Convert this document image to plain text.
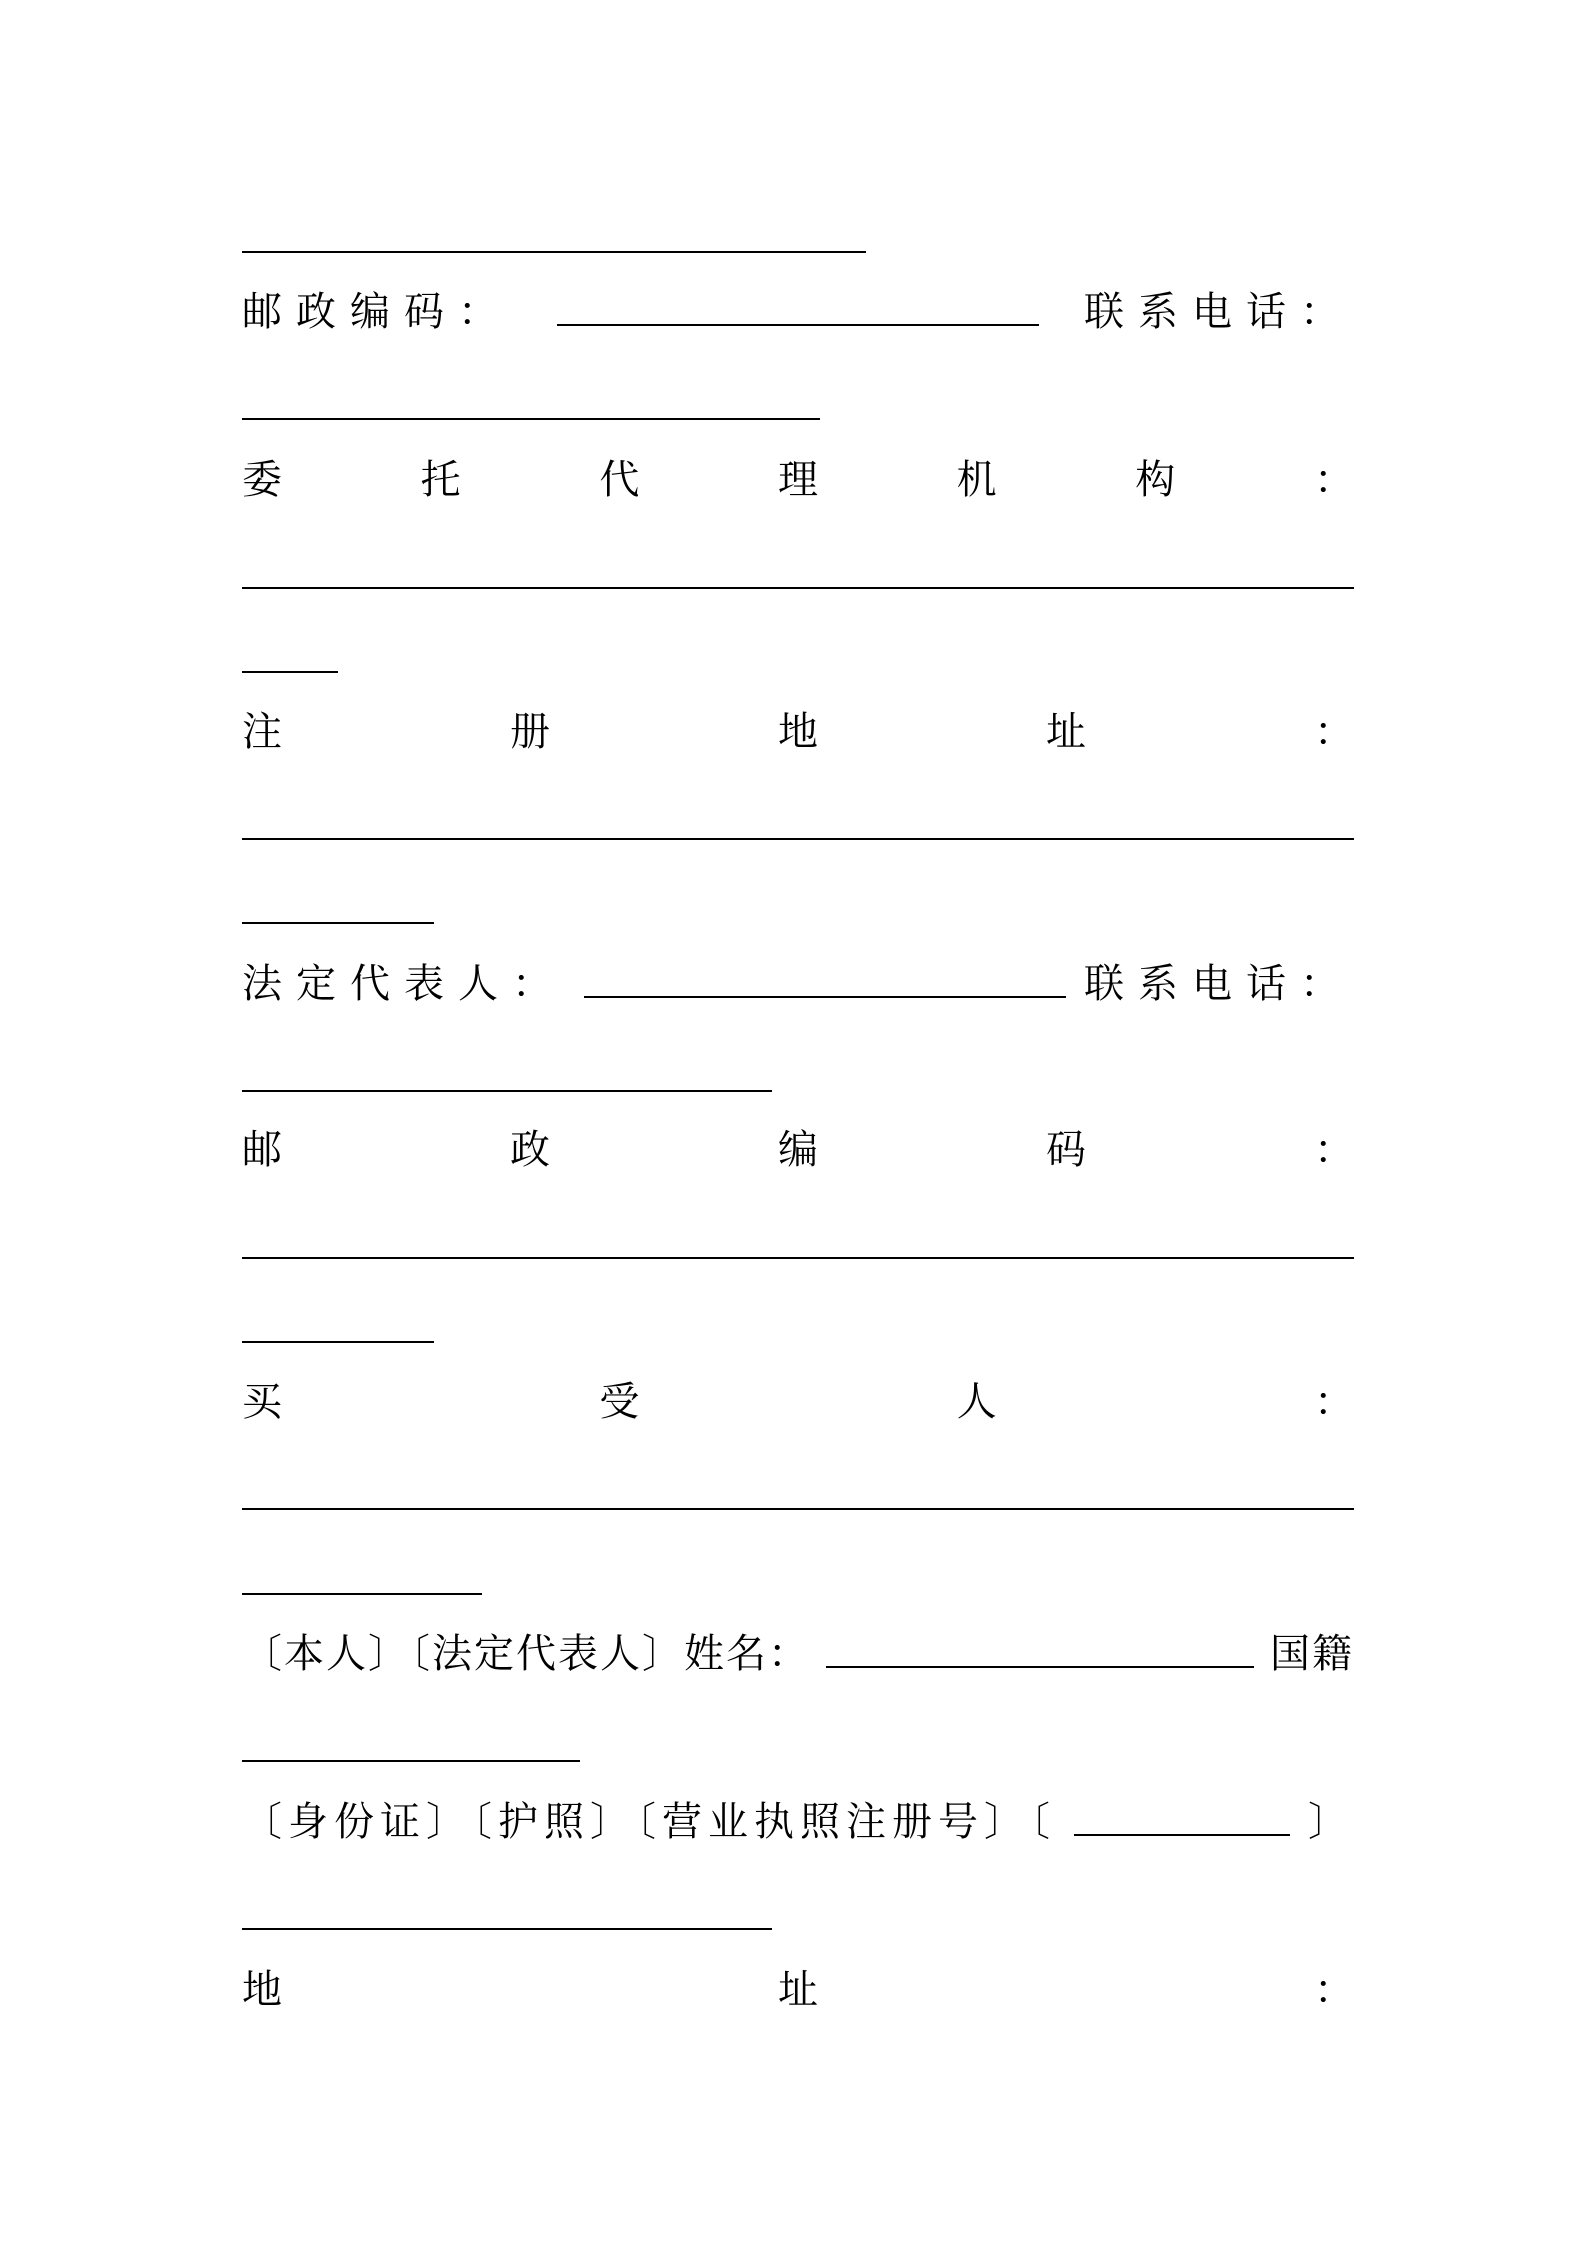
邮政编码：	联系电话：
委	托	代	理	机	构	：
注	册	地	址	：
法定代表人：	联系电话：
邮	政	编	码	：
买	受	人	：
〔本人〕〔法定代表人〕姓名：	国籍
〔身份证〕〔护照〕〔营业执照注册号〕〔	〕
地	址	：
